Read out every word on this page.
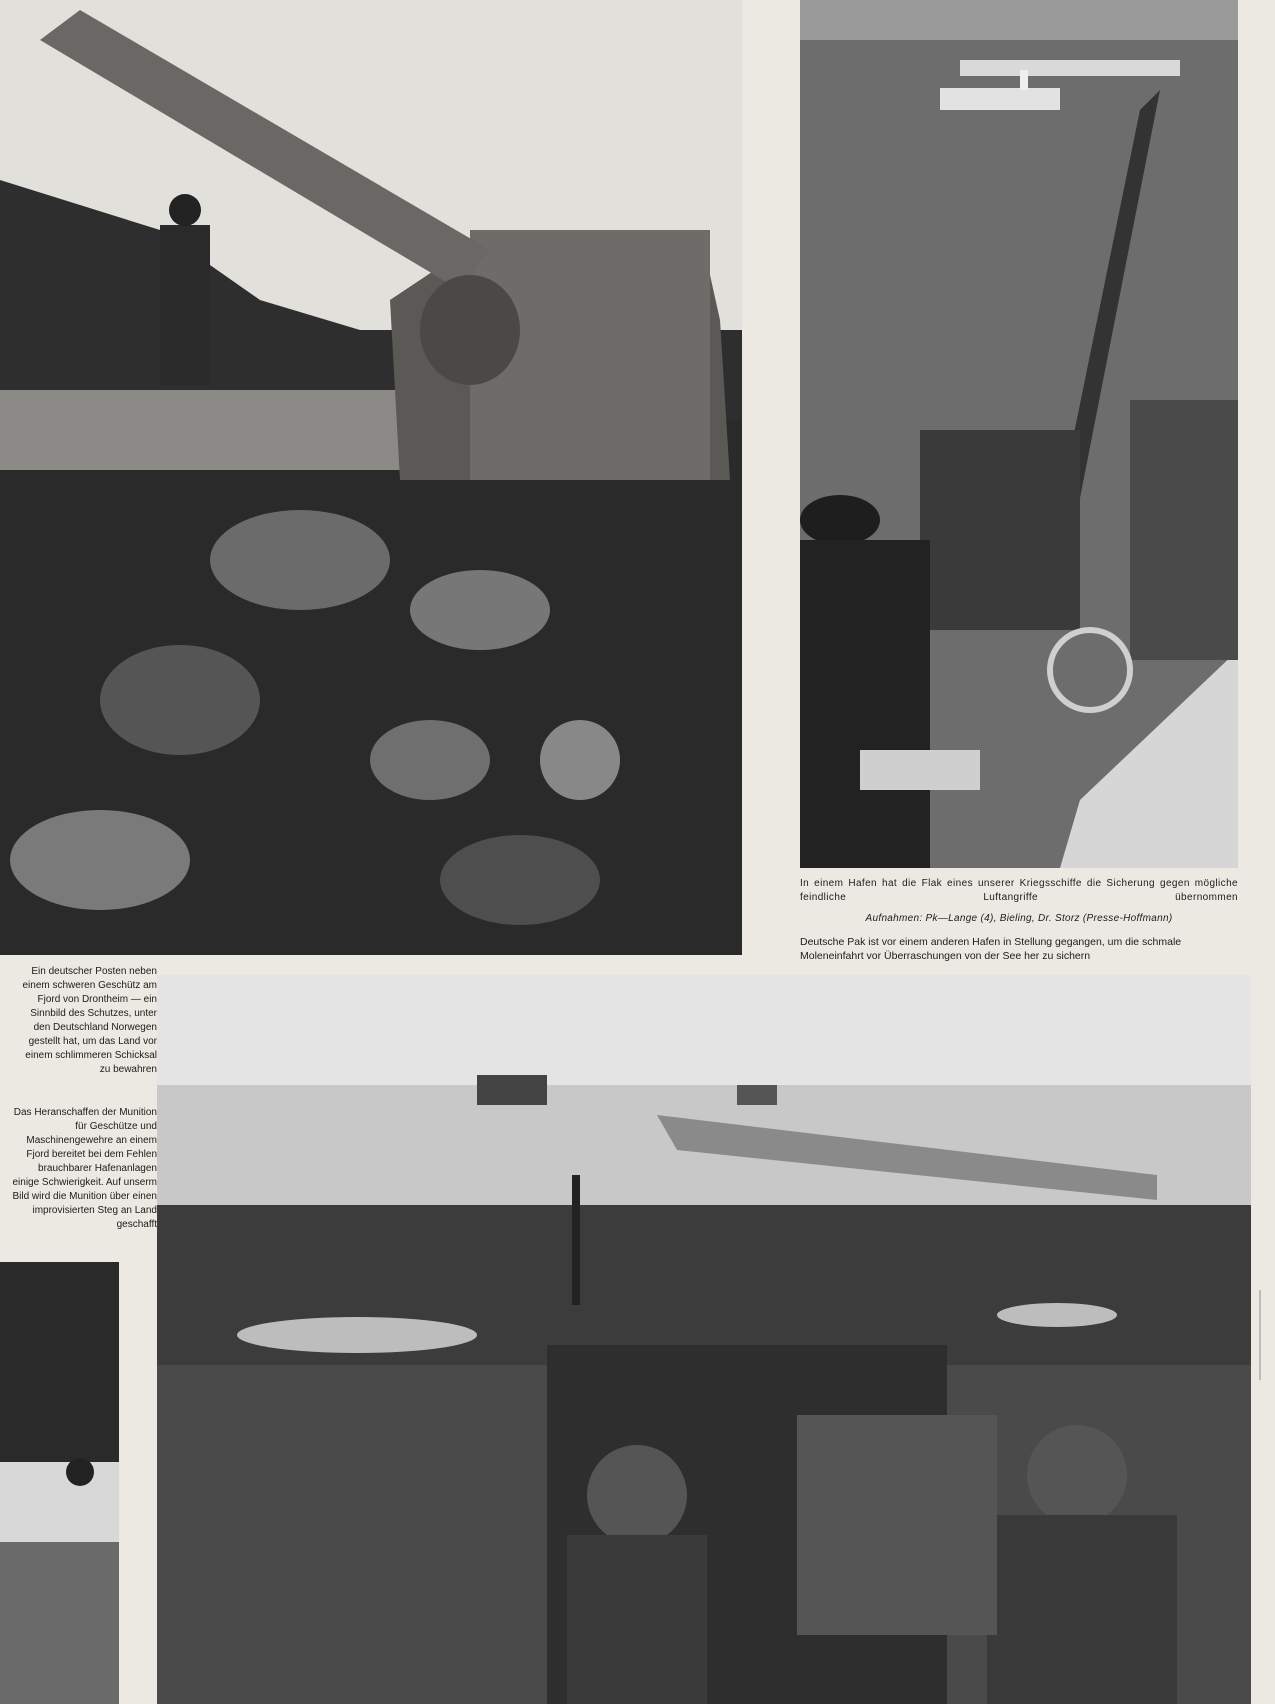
In einem Hafen hat die Flak eines unserer Kriegsschiffe die Sicherung gegen mögliche feindliche Luftangriffe übernommen

Aufnahmen: Pk—Lange (4), Bieling, Dr. Storz (Presse-Hoffmann)

Deutsche Pak ist vor einem anderen Hafen in Stellung gegangen, um die schmale Moleneinfahrt vor Überraschungen von der See her zu sichern

Ein deutscher Posten neben einem schweren Geschütz am Fjord von Drontheim — ein Sinnbild des Schutzes, unter den Deutschland Norwegen gestellt hat, um das Land vor einem schlimmeren Schicksal zu bewahren

Das Heranschaffen der Munition für Geschütze und Maschinengewehre an einem Fjord bereitet bei dem Fehlen brauchbarer Hafenanlagen einige Schwierigkeit. Auf unserm Bild wird die Munition über einen improvisierten Steg an Land geschafft
